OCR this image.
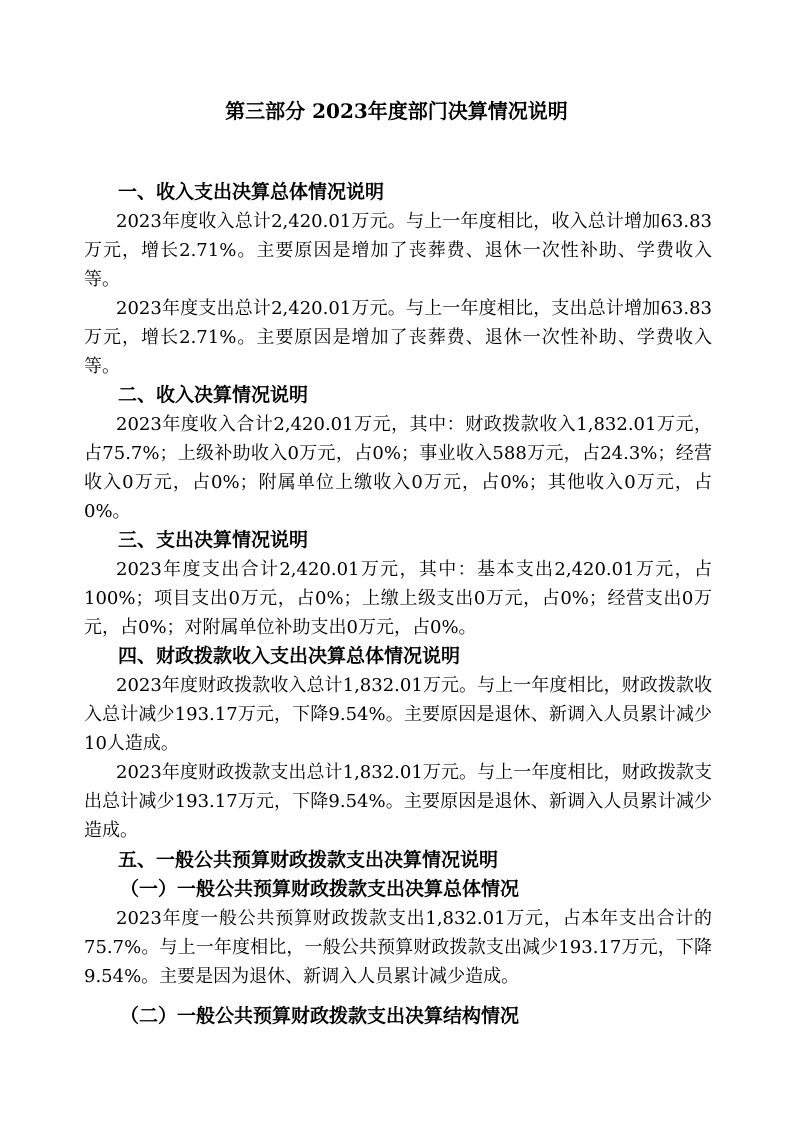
第三部分 2023年度部门决算情况说明
一、收入支出决算总体情况说明
2023年度收入总计2,420.01万元。与上一年度相比，收入总计增加63.83万元，增长2.71%。主要原因是增加了丧葬费、退休一次性补助、学费收入等。
2023年度支出总计2,420.01万元。与上一年度相比，支出总计增加63.83万元，增长2.71%。主要原因是增加了丧葬费、退休一次性补助、学费收入等。
二、收入决算情况说明
2023年度收入合计2,420.01万元，其中：财政拨款收入1,832.01万元，占75.7%；上级补助收入0万元，占0%；事业收入588万元，占24.3%；经营收入0万元，占0%；附属单位上缴收入0万元，占0%；其他收入0万元，占0%。
三、支出决算情况说明
2023年度支出合计2,420.01万元，其中：基本支出2,420.01万元，占100%；项目支出0万元，占0%；上缴上级支出0万元，占0%；经营支出0万元，占0%；对附属单位补助支出0万元，占0%。
四、财政拨款收入支出决算总体情况说明
2023年度财政拨款收入总计1,832.01万元。与上一年度相比，财政拨款收入总计减少193.17万元，下降9.54%。主要原因是退休、新调入人员累计减少10人造成。
2023年度财政拨款支出总计1,832.01万元。与上一年度相比，财政拨款支出总计减少193.17万元，下降9.54%。主要原因是退休、新调入人员累计减少造成。
五、一般公共预算财政拨款支出决算情况说明
（一）一般公共预算财政拨款支出决算总体情况
2023年度一般公共预算财政拨款支出1,832.01万元，占本年支出合计的75.7%。与上一年度相比，一般公共预算财政拨款支出减少193.17万元，下降9.54%。主要是因为退休、新调入人员累计减少造成。
（二）一般公共预算财政拨款支出决算结构情况
